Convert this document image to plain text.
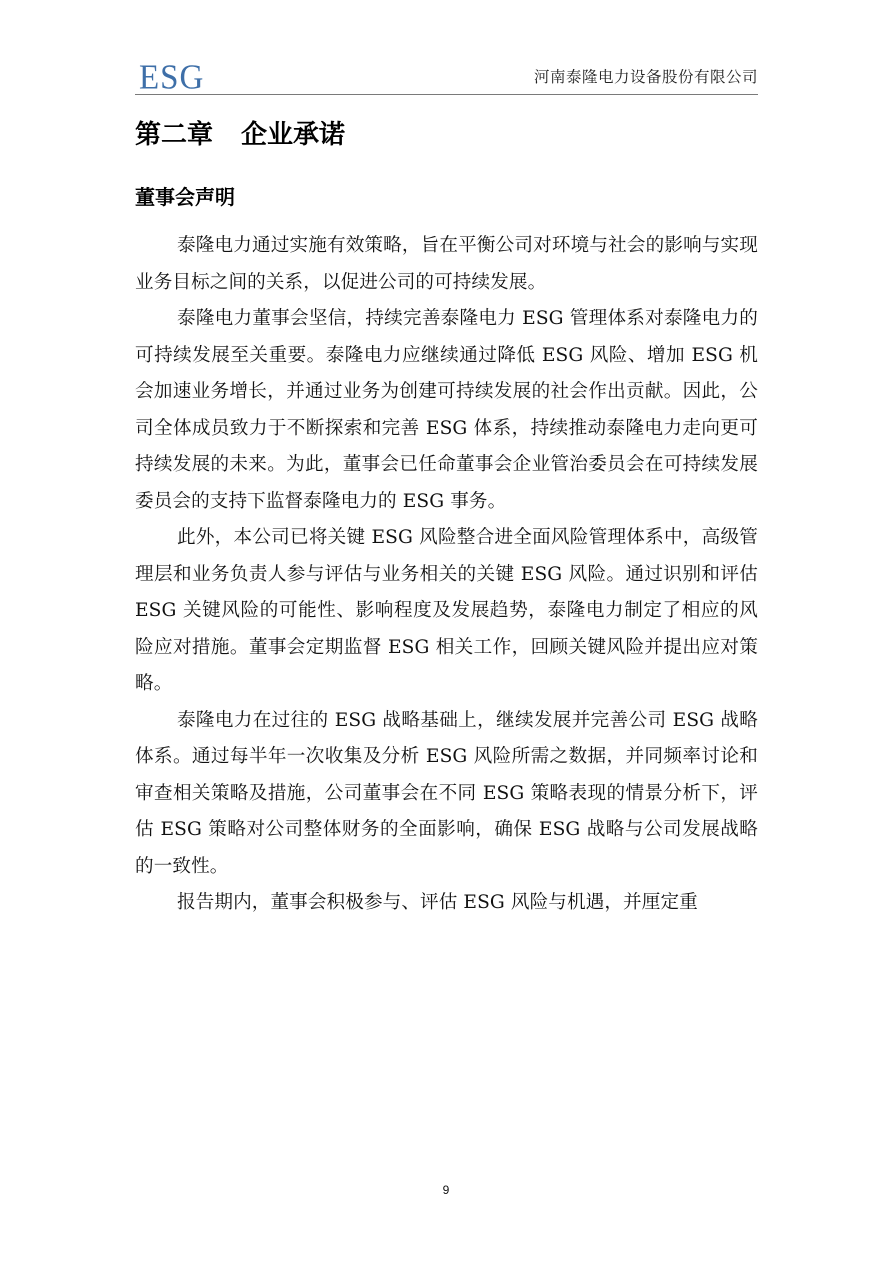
ESG	河南泰隆电力设备股份有限公司
第二章 企业承诺
董事会声明

泰隆电力通过实施有效策略，旨在平衡公司对环境与社会的影响与实现业务目标之间的关系，以促进公司的可持续发展。

泰隆电力董事会坚信，持续完善泰隆电力 ESG 管理体系对泰隆电力的可持续发展至关重要。泰隆电力应继续通过降低 ESG 风险、增加 ESG 机会加速业务增长，并通过业务为创建可持续发展的社会作出贡献。因此，公司全体成员致力于不断探索和完善 ESG 体系，持续推动泰隆电力走向更可持续发展的未来。为此，董事会已任命董事会企业管治委员会在可持续发展委员会的支持下监督泰隆电力的 ESG 事务。

此外，本公司已将关键 ESG 风险整合进全面风险管理体系中，高级管理层和业务负责人参与评估与业务相关的关键 ESG 风险。通过识别和评估 ESG 关键风险的可能性、影响程度及发展趋势，泰隆电力制定了相应的风险应对措施。董事会定期监督 ESG 相关工作，回顾关键风险并提出应对策略。

泰隆电力在过往的 ESG 战略基础上，继续发展并完善公司 ESG 战略体系。通过每半年一次收集及分析 ESG 风险所需之数据，并同频率讨论和审查相关策略及措施，公司董事会在不同 ESG 策略表现的情景分析下，评估 ESG 策略对公司整体财务的全面影响，确保 ESG 战略与公司发展战略的一致性。

报告期内，董事会积极参与、评估 ESG 风险与机遇，并厘定重

9
